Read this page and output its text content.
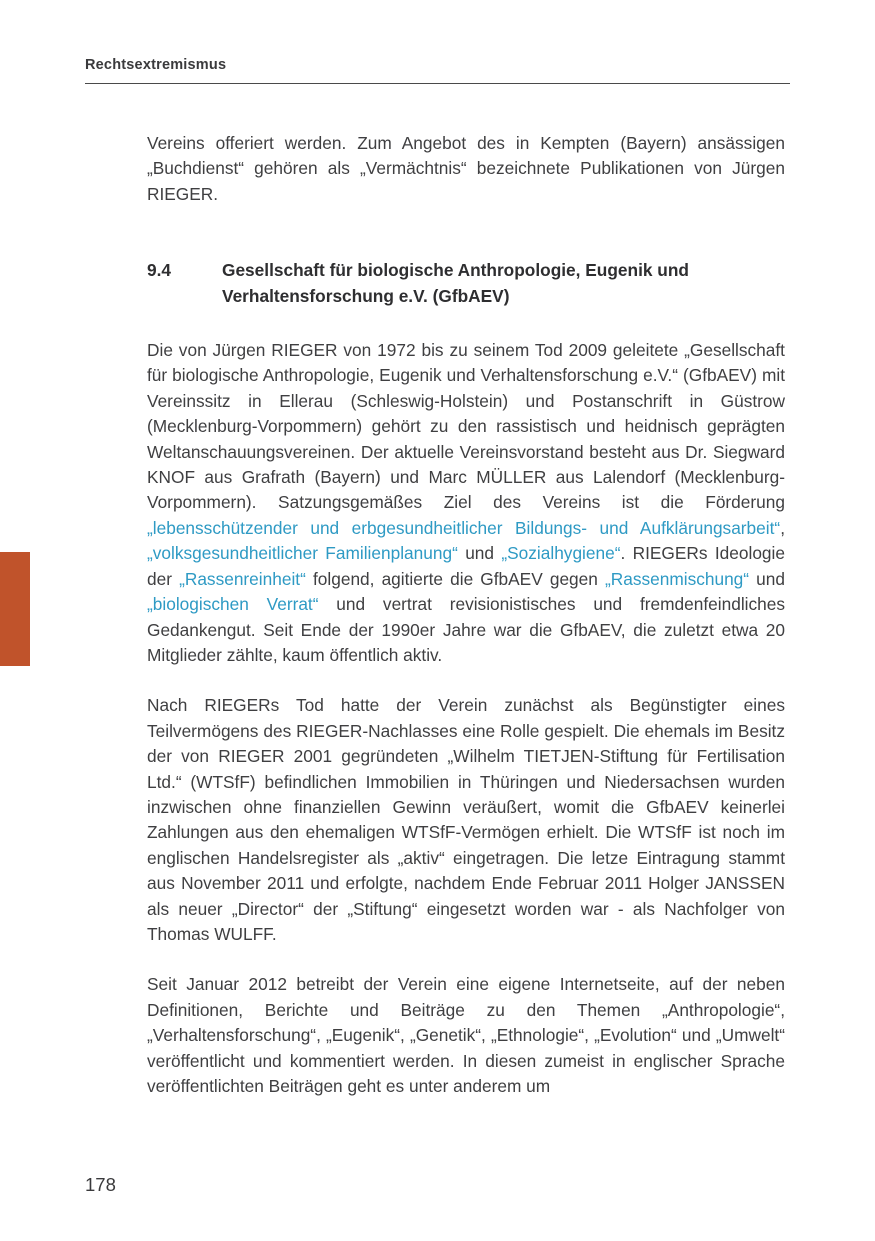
Rechtsextremismus

Vereins offeriert werden. Zum Angebot des in Kempten (Bayern) ansässigen „Buchdienst“ gehören als „Vermächtnis“ bezeichnete Publikationen von Jürgen RIEGER.

9.4	Gesellschaft für biologische Anthropologie, Eugenik und
Verhaltensforschung e.V. (GfbAEV)

Die von Jürgen RIEGER von 1972 bis zu seinem Tod 2009 geleitete „Gesellschaft für biologische Anthropologie, Eugenik und Verhaltensforschung e.V.“ (GfbAEV) mit Vereinssitz in Ellerau (Schleswig-Holstein) und Postanschrift in Güstrow (Mecklenburg-Vorpommern) gehört zu den rassistisch und heidnisch geprägten Weltanschauungsvereinen. Der aktuelle Vereinsvorstand besteht aus Dr. Siegward KNOF aus Grafrath (Bayern) und Marc MÜLLER aus Lalendorf (Mecklenburg-Vorpommern). Satzungsgemäßes Ziel des Vereins ist die Förderung „lebensschützender und erbgesundheitlicher Bildungs- und Aufklärungsarbeit“, „volksgesundheitlicher Familienplanung“ und „Sozialhygiene“. RIEGERs Ideologie der „Rassenreinheit“ folgend, agitierte die GfbAEV gegen „Rassenmischung“ und „biologischen Verrat“ und vertrat revisionistisches und fremdenfeindliches Gedankengut. Seit Ende der 1990er Jahre war die GfbAEV, die zuletzt etwa 20 Mitglieder zählte, kaum öffentlich aktiv.

Nach RIEGERs Tod hatte der Verein zunächst als Begünstigter eines Teilvermögens des RIEGER-Nachlasses eine Rolle gespielt. Die ehemals im Besitz der von RIEGER 2001 gegründeten „Wilhelm TIETJEN-Stiftung für Fertilisation Ltd.“ (WTSfF) befindlichen Immobilien in Thüringen und Niedersachsen wurden inzwischen ohne finanziellen Gewinn veräußert, womit die GfbAEV keinerlei Zahlungen aus den ehemaligen WTSfF-Vermögen erhielt. Die WTSfF ist noch im englischen Handelsregister als „aktiv“ eingetragen. Die letze Eintragung stammt aus November 2011 und erfolgte, nachdem Ende Februar 2011 Holger JANSSEN als neuer „Director“ der „Stiftung“ eingesetzt worden war - als Nachfolger von Thomas WULFF.

Seit Januar 2012 betreibt der Verein eine eigene Internetseite, auf der neben Definitionen, Berichte und Beiträge zu den Themen „Anthropologie“, „Verhaltensforschung“, „Eugenik“, „Genetik“, „Ethnologie“, „Evolution“ und „Umwelt“ veröffentlicht und kommentiert werden. In diesen zumeist in englischer Sprache veröffentlichten Beiträgen geht es unter anderem um

178
